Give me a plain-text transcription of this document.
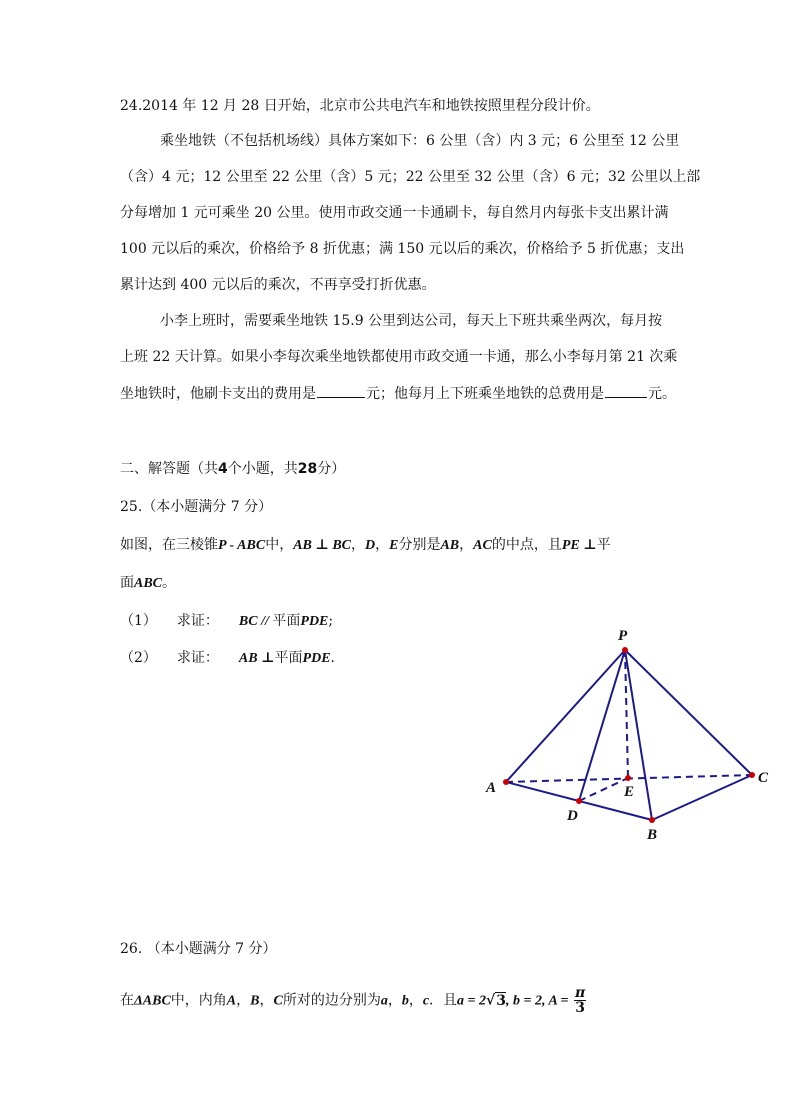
24.2014 年 12 月 28 日开始，北京市公共电汽车和地铁按照里程分段计价。
乘坐地铁（不包括机场线）具体方案如下：6 公里（含）内 3 元；6 公里至 12 公里
（含）4 元；12 公里至 22 公里（含）5 元；22 公里至 32 公里（含）6 元；32 公里以上部
分每增加 1 元可乘坐 20 公里。使用市政交通一卡通刷卡，每自然月内每张卡支出累计满
100 元以后的乘次，价格给予 8 折优惠；满 150 元以后的乘次，价格给予 5 折优惠；支出
累计达到 400 元以后的乘次，不再享受打折优惠。
小李上班时，需要乘坐地铁 15.9 公里到达公司，每天上下班共乘坐两次，每月按
上班 22 天计算。如果小李每次乘坐地铁都使用市政交通一卡通，那么小李每月第 21 次乘
坐地铁时，他刷卡支出的费用是	元；他每月上下班乘坐地铁的总费用是	元。
二、解答题（共4个小题，共28分）
25.（本小题满分 7 分）
如图，在三棱锥P - ABC中，AB ⊥ BC，D，E分别是AB，AC的中点，且PE ⊥平
面ABC。
（1） 求证： BC // 平面PDE;
（2） 求证： AB ⊥平面PDE.
P
A
B
C
D
E
26. （本小题满分 7 分）
在ΔABC中，内角A，B，C所对的边分别为a，b，c．且a = 2√3, b = 2, $A = \frac{\pi}{3}$
